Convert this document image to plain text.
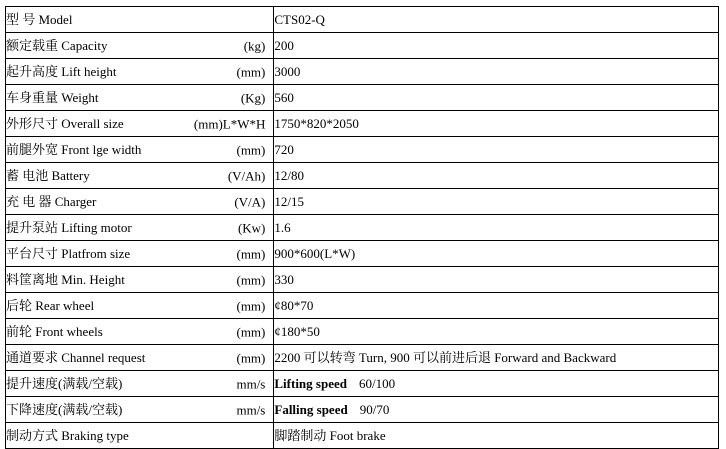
型 号 Model	CTS02-Q
额定载重 Capacity (kg)	200
起升高度 Lift height (mm)	3000
车身重量 Weight (Kg)	560
外形尺寸 Overall size (mm)L*W*H	1750*820*2050
前腿外宽 Front lge width (mm)	720
蓄 电池 Battery (V/Ah)	12/80
充 电 器 Charger (V/A)	12/15
提升泵站 Lifting motor (Kw)	1.6
平台尺寸 Platfrom size (mm)	900*600(L*W)
料筐离地 Min. Height (mm)	330
后轮 Rear wheel (mm)	¢80*70
前轮 Front wheels (mm)	¢180*50
通道要求 Channel request (mm)	2200 可以转弯 Turn, 900 可以前进后退 Forward and Backward
提升速度(满载/空载) mm/s	Lifting speed 60/100
下降速度(满载/空载) mm/s	Falling speed 90/70
制动方式 Braking type	脚踏制动 Foot brake
